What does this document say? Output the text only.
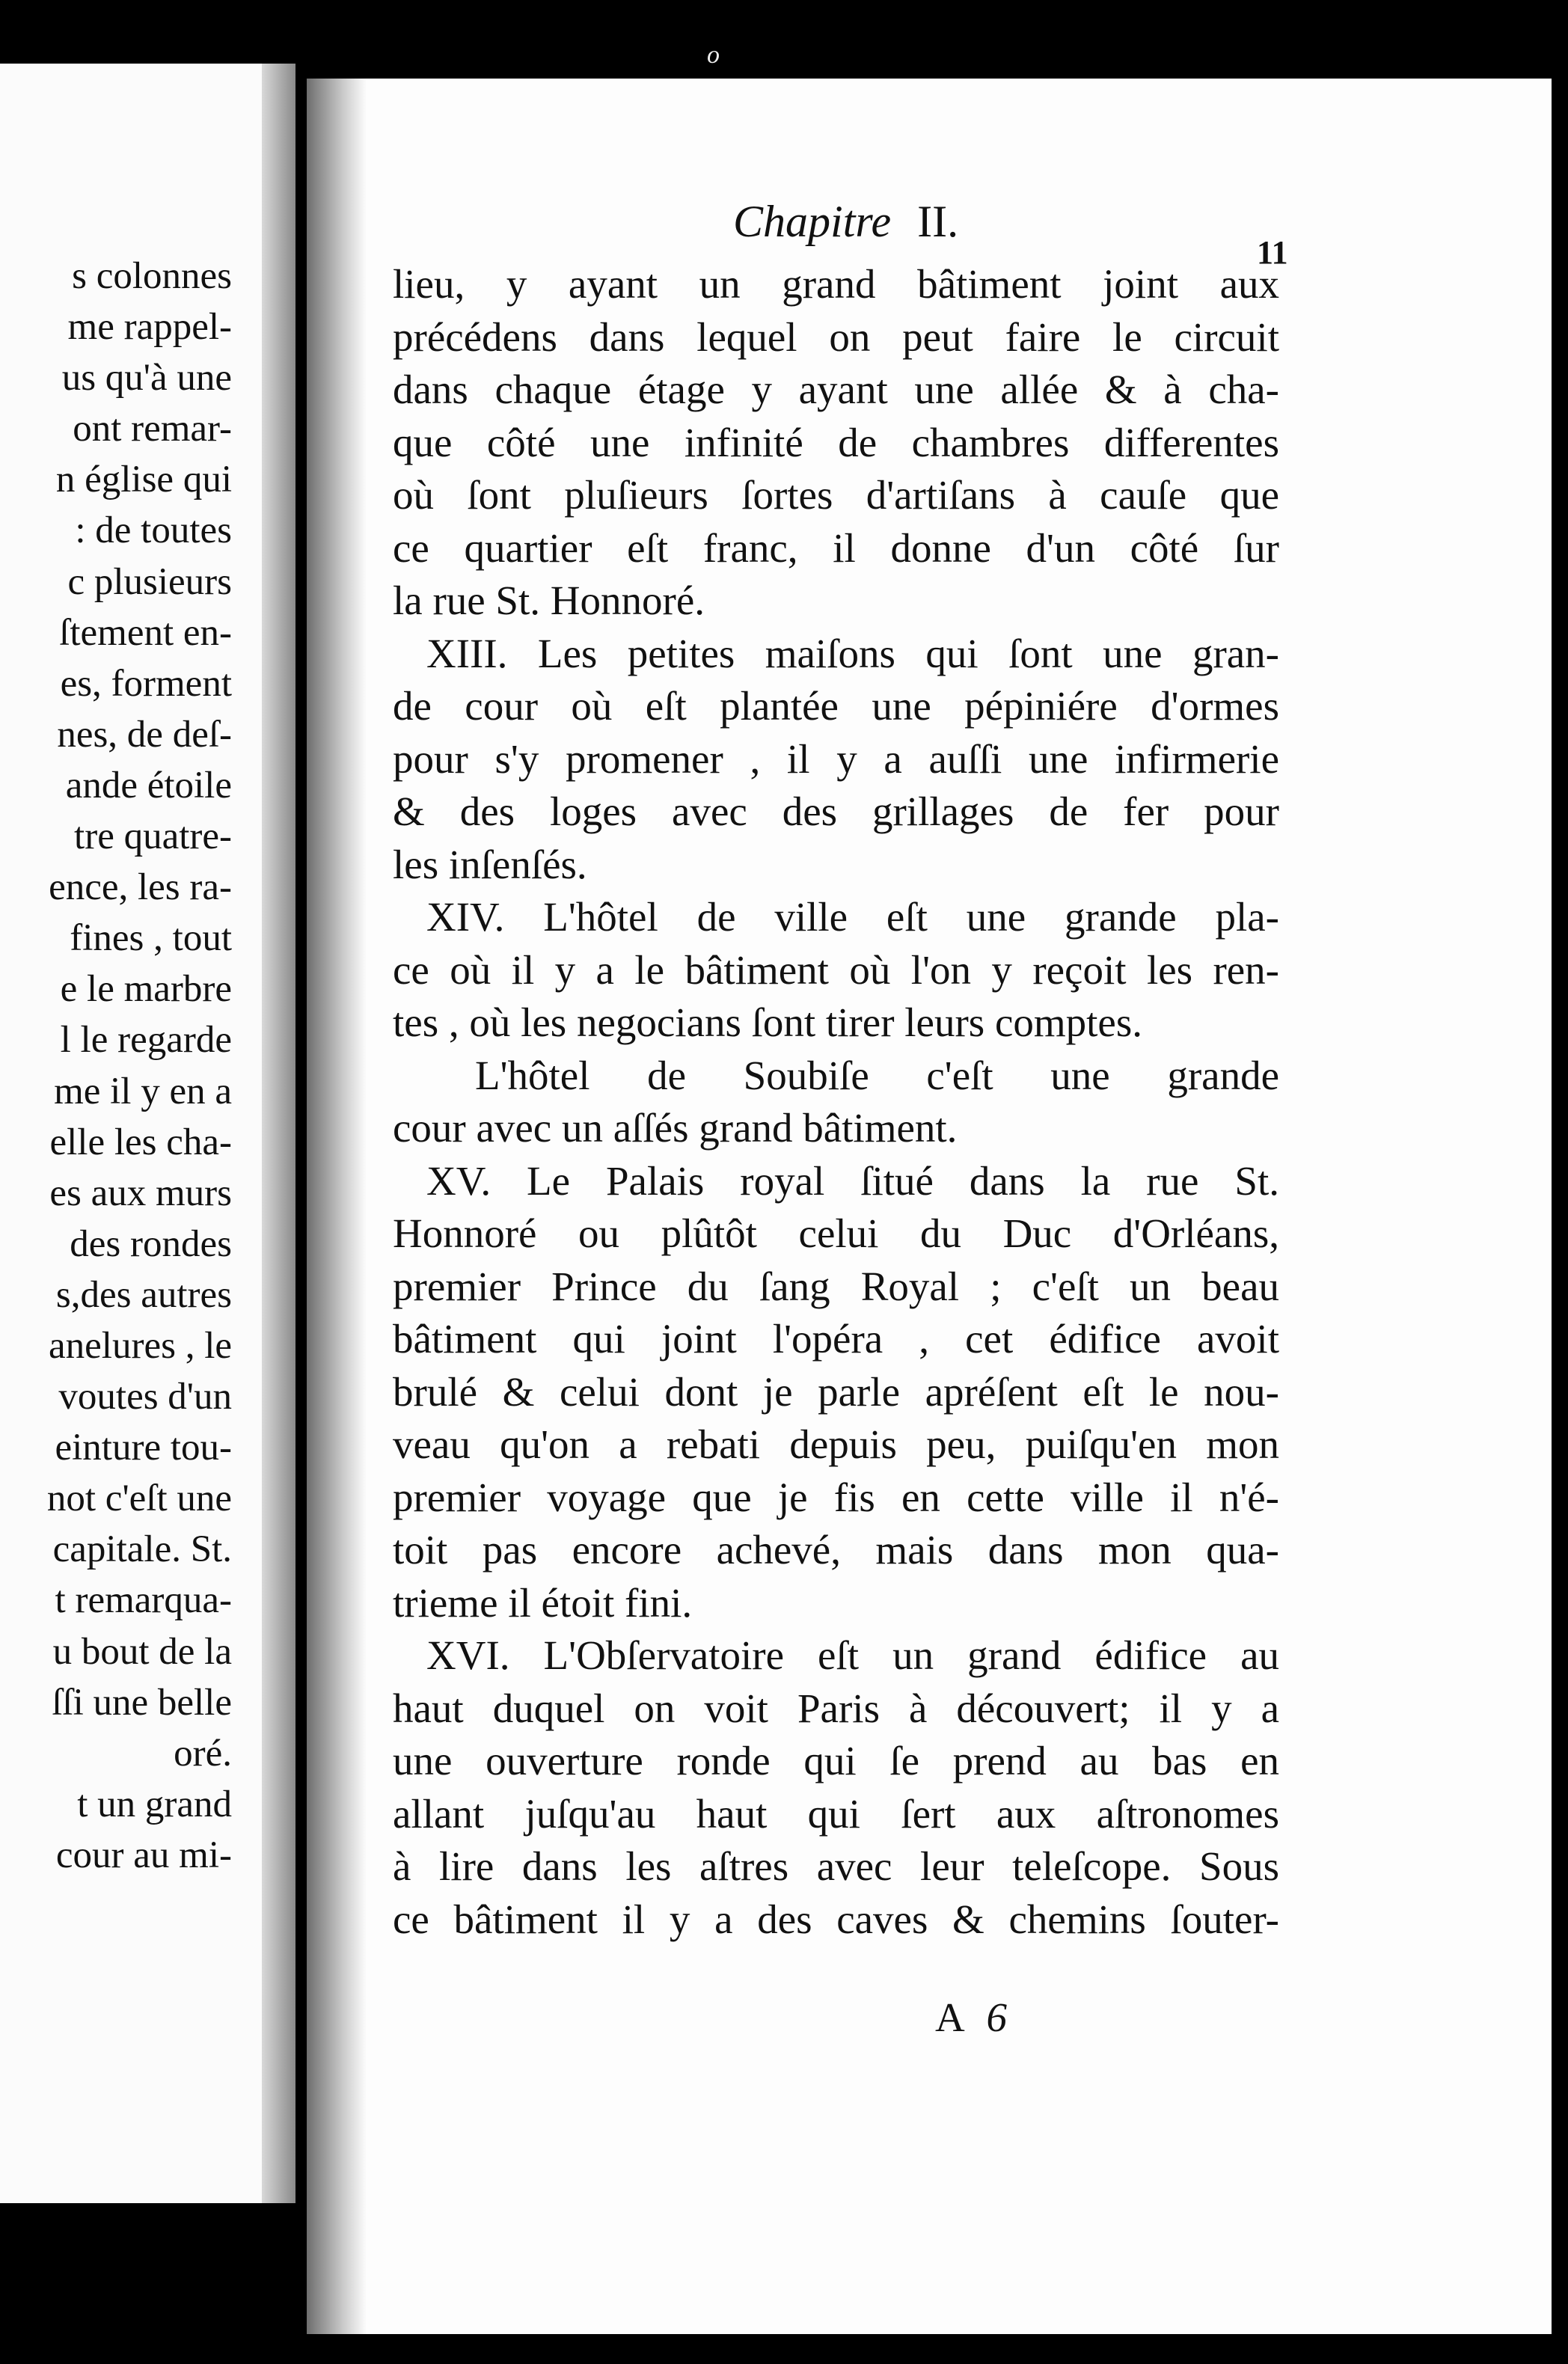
s colonnes
me rappel-
us qu'à une
ont remar-
n église qui
: de toutes
c plusieurs
ſtement en-
es, forment
nes, de deſ-
ande étoile
tre quatre-
ence, les ra-
fines , tout
e le marbre
l le regarde
me il y en a
elle les cha-
es aux murs
des rondes
s,des autres
anelures , le
voutes d'un
einture tou-
not c'eſt une
capitale. St.
t remarqua-
u bout de la
ſſi une belle
oré.
t un grand
cour au mi-
o
Chapitre II.
11
lieu, y ayant un grand bâtiment joint aux
précédens dans lequel on peut faire le circuit
dans chaque étage y ayant une allée & à cha-
que côté une infinité de chambres differentes
où ſont pluſieurs ſortes d'artiſans à cauſe que
ce quartier eſt franc, il donne d'un côté ſur
la rue St. Honnoré.
XIII. Les petites maiſons qui ſont une gran-
de cour où eſt plantée une pépiniére d'ormes
pour s'y promener , il y a auſſi une infirmerie
& des loges avec des grillages de fer pour
les inſenſés.
XIV. L'hôtel de ville eſt une grande pla-
ce où il y a le bâtiment où l'on y reçoit les ren-
tes , où les negocians ſont tirer leurs comptes.
L'hôtel de Soubiſe c'eſt une grande
cour avec un aſſés grand bâtiment.
XV. Le Palais royal ſitué dans la rue St.
Honnoré ou plûtôt celui du Duc d'Orléans,
premier Prince du ſang Royal ; c'eſt un beau
bâtiment qui joint l'opéra , cet édifice avoit
brulé & celui dont je parle apréſent eſt le nou-
veau qu'on a rebati depuis peu, puiſqu'en mon
premier voyage que je fis en cette ville il n'é-
toit pas encore achevé, mais dans mon qua-
trieme il étoit fini.
XVI. L'Obſervatoire eſt un grand édifice au
haut duquel on voit Paris à découvert; il y a
une ouverture ronde qui ſe prend au bas en
allant juſqu'au haut qui ſert aux aſtronomes
à lire dans les aſtres avec leur teleſcope. Sous
ce bâtiment il y a des caves & chemins ſouter-
A 6
